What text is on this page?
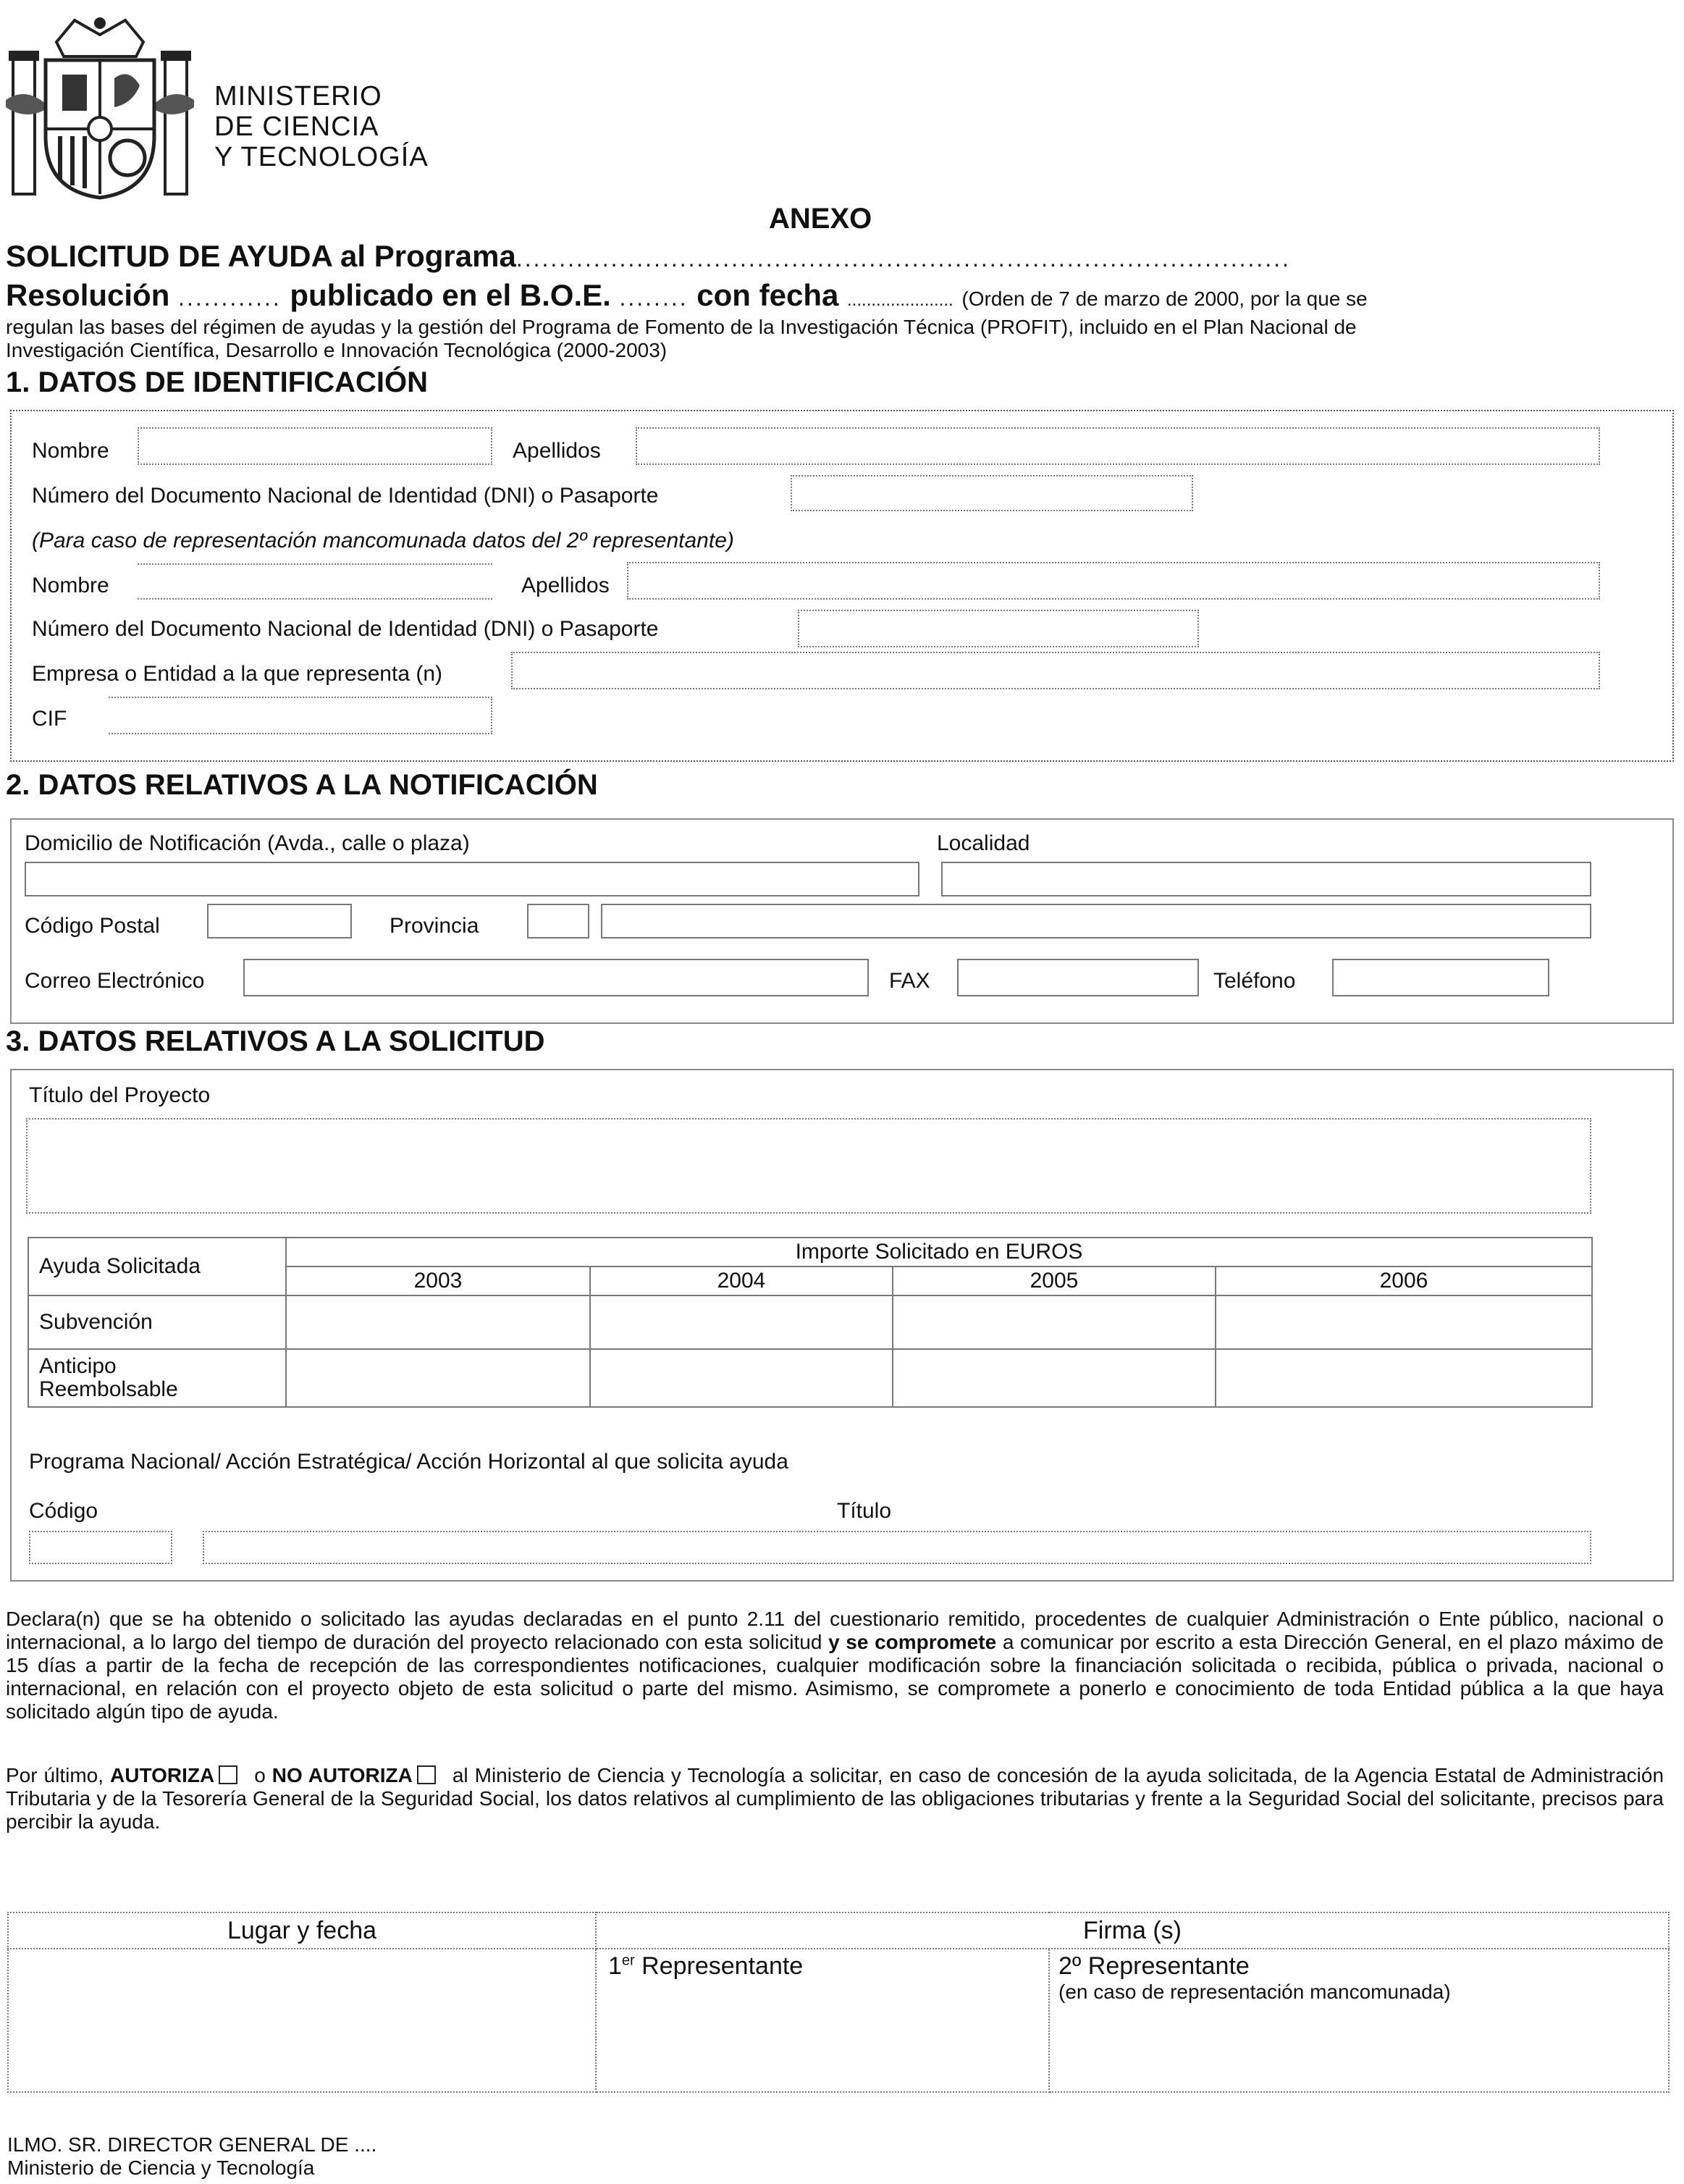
MINISTERIO
DE CIENCIA
Y TECNOLOGÍA
ANEXO
SOLICITUD DE AYUDA al Programa..........................................................................................
Resolución ............ publicado en el B.O.E. ........ con fecha ...................... (Orden de 7 de marzo de 2000, por la que se
regulan las bases del régimen de ayudas y la gestión del Programa de Fomento de la Investigación Técnica (PROFIT), incluido en el Plan Nacional de
Investigación Científica, Desarrollo e Innovación Tecnológica (2000-2003)
1. DATOS DE IDENTIFICACIÓN
Nombre	Apellidos
Número del Documento Nacional de Identidad (DNI) o Pasaporte
(Para caso de representación mancomunada datos del 2º representante)
Nombre	Apellidos
Número del Documento Nacional de Identidad (DNI) o Pasaporte
Empresa o Entidad a la que representa (n)
CIF
2. DATOS RELATIVOS A LA NOTIFICACIÓN
Domicilio de Notificación (Avda., calle o plaza)	Localidad
Código Postal	Provincia
Correo Electrónico	FAX	Teléfono
3. DATOS RELATIVOS A LA SOLICITUD
Título del Proyecto
Ayuda Solicitada	Importe Solicitado en EUROS			
	2003	2004	2005	2006
Subvención				
Anticipo Reembolsable				
Programa Nacional/ Acción Estratégica/ Acción Horizontal al que solicita ayuda
Código	Título
Declara(n) que se ha obtenido o solicitado las ayudas declaradas en el punto 2.11 del cuestionario remitido, procedentes de cualquier Administración o Ente público, nacional o internacional, a lo largo del tiempo de duración del proyecto relacionado con esta solicitud y se compromete a comunicar por escrito a esta Dirección General, en el plazo máximo de 15 días a partir de la fecha de recepción de las correspondientes notificaciones, cualquier modificación sobre la financiación solicitada o recibida, pública o privada, nacional o internacional, en relación con el proyecto objeto de esta solicitud o parte del mismo. Asimismo, se compromete a ponerlo e conocimiento de toda Entidad pública a la que haya solicitado algún tipo de ayuda.
Por último, AUTORIZA o NO AUTORIZA al Ministerio de Ciencia y Tecnología a solicitar, en caso de concesión de la ayuda solicitada, de la Agencia Estatal de Administración Tributaria y de la Tesorería General de la Seguridad Social, los datos relativos al cumplimiento de las obligaciones tributarias y frente a la Seguridad Social del solicitante, precisos para percibir la ayuda.
Lugar y fecha	Firma (s)	
	1er Representante	2º Representante
(en caso de representación mancomunada)
ILMO. SR. DIRECTOR GENERAL DE ....
Ministerio de Ciencia y Tecnología
